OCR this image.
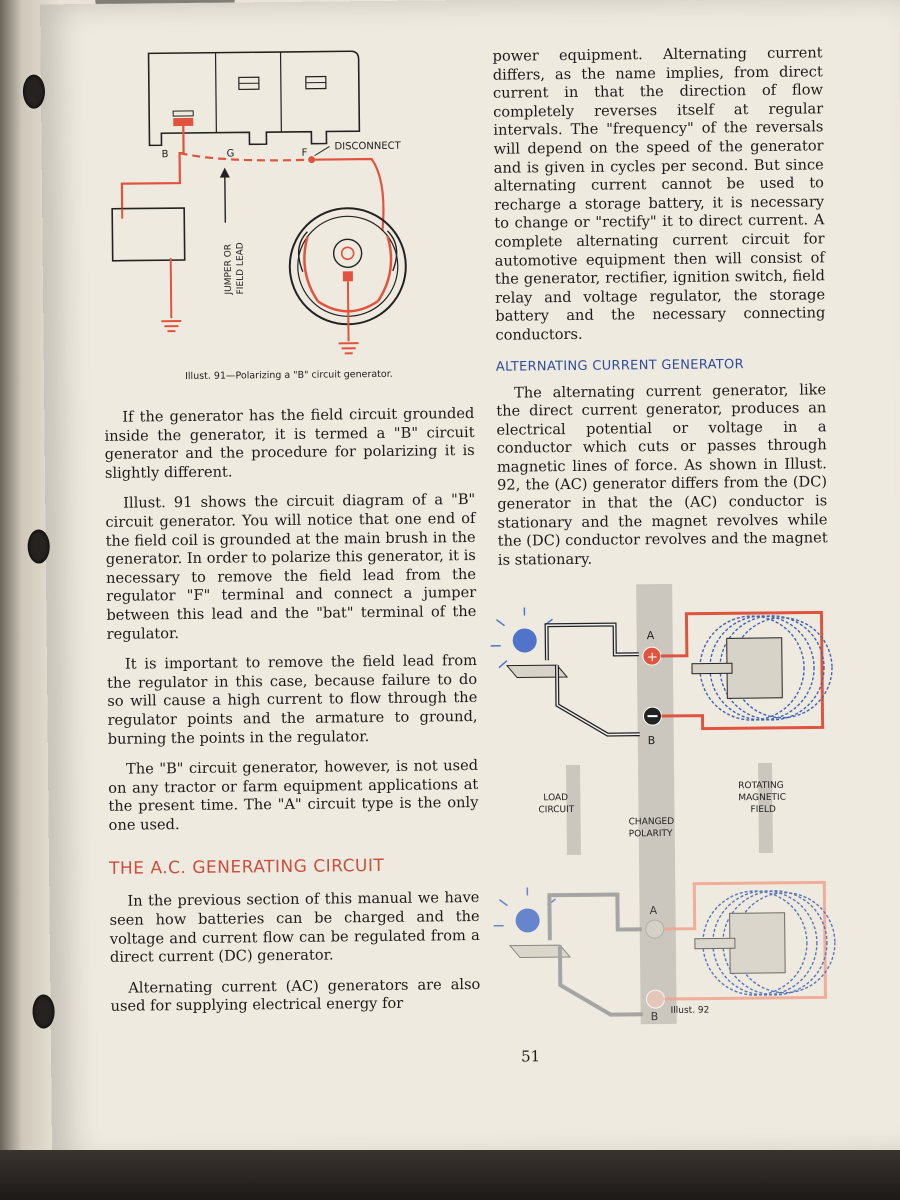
B	G	F
DISCONNECT
JUMPER OR FIELD LEAD
Illust. 91—Polarizing a "B" circuit generator.

If the generator has the field circuit grounded inside the generator, it is termed a "B" circuit generator and the procedure for polarizing it is slightly different.

Illust. 91 shows the circuit diagram of a "B" circuit generator. You will notice that one end of the field coil is grounded at the main brush in the generator. In order to polarize this generator, it is necessary to remove the field lead from the regulator "F" terminal and connect a jumper between this lead and the "bat" terminal of the regulator.

It is important to remove the field lead from the regulator in this case, because failure to do so will cause a high current to flow through the regulator points and the armature to ground, burning the points in the regulator.

The "B" circuit generator, however, is not used on any tractor or farm equipment applications at the present time. The "A" circuit type is the only one used.

THE A.C. GENERATING CIRCUIT

In the previous section of this manual we have seen how batteries can be charged and the voltage and current flow can be regulated from a direct current (DC) generator.

Alternating current (AC) generators are also used for supplying electrical energy for

power equipment. Alternating current differs, as the name implies, from direct current in that the direction of flow completely reverses itself at regular intervals. The "frequency" of the reversals will depend on the speed of the generator and is given in cycles per second. But since alternating current cannot be used to recharge a storage battery, it is necessary to change or "rectify" it to direct current. A complete alternating current circuit for automotive equipment then will consist of the generator, rectifier, ignition switch, field relay and voltage regulator, the storage battery and the necessary connecting conductors.

ALTERNATING CURRENT GENERATOR

The alternating current generator, like the direct current generator, produces an electrical potential or voltage in a conductor which cuts or passes through magnetic lines of force. As shown in Illust. 92, the (AC) generator differs from the (DC) generator in that the (AC) conductor is stationary and the magnet revolves while the (DC) conductor revolves and the magnet is stationary.

+
A
B
LOAD
CIRCUIT
CHANGED
POLARITY
ROTATING
MAGNETIC
FIELD
A
B Illust. 92
51
